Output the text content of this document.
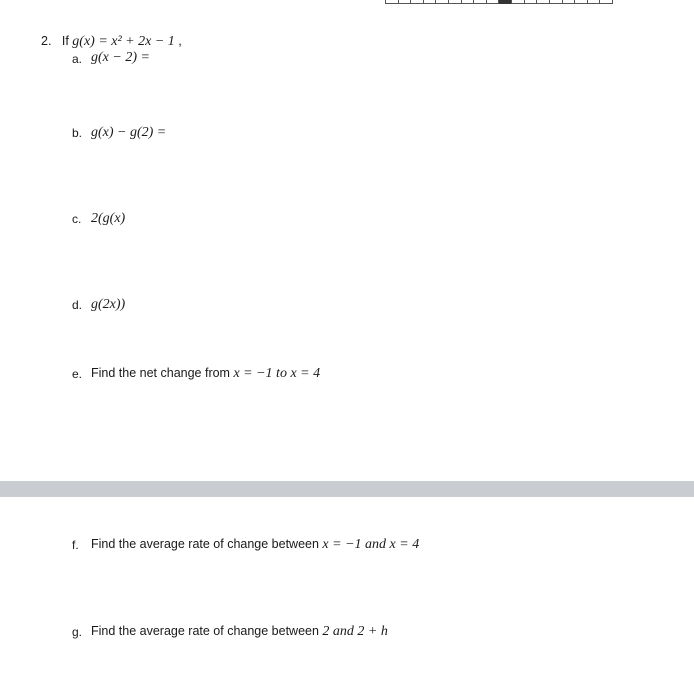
2. If g(x) = x² + 2x − 1 ,
a. g(x − 2) =
b. g(x) − g(2) =
c. 2(g(x)
d. g(2x))
e. Find the net change from x = −1 to x = 4
f. Find the average rate of change between x = −1 and x = 4
g. Find the average rate of change between 2 and 2 + h
